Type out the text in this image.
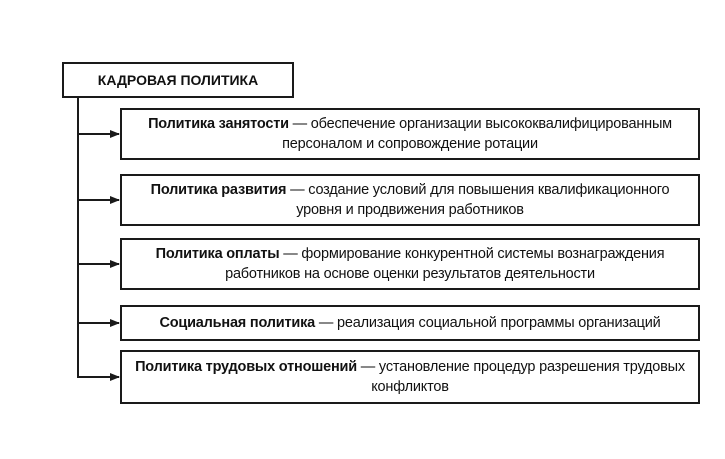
КАДРОВАЯ ПОЛИТИКА
Политика занятости — обеспечение организации высококвалифицированным персоналом и сопровождение ротации
Политика развития — создание условий для повышения квалификационного уровня и продвижения работников
Политика оплаты — формирование конкурентной системы вознаграждения работников на основе оценки результатов деятельности
Социальная политика — реализация социальной программы организаций
Политика трудовых отношений — установление процедур разрешения трудовых конфликтов
